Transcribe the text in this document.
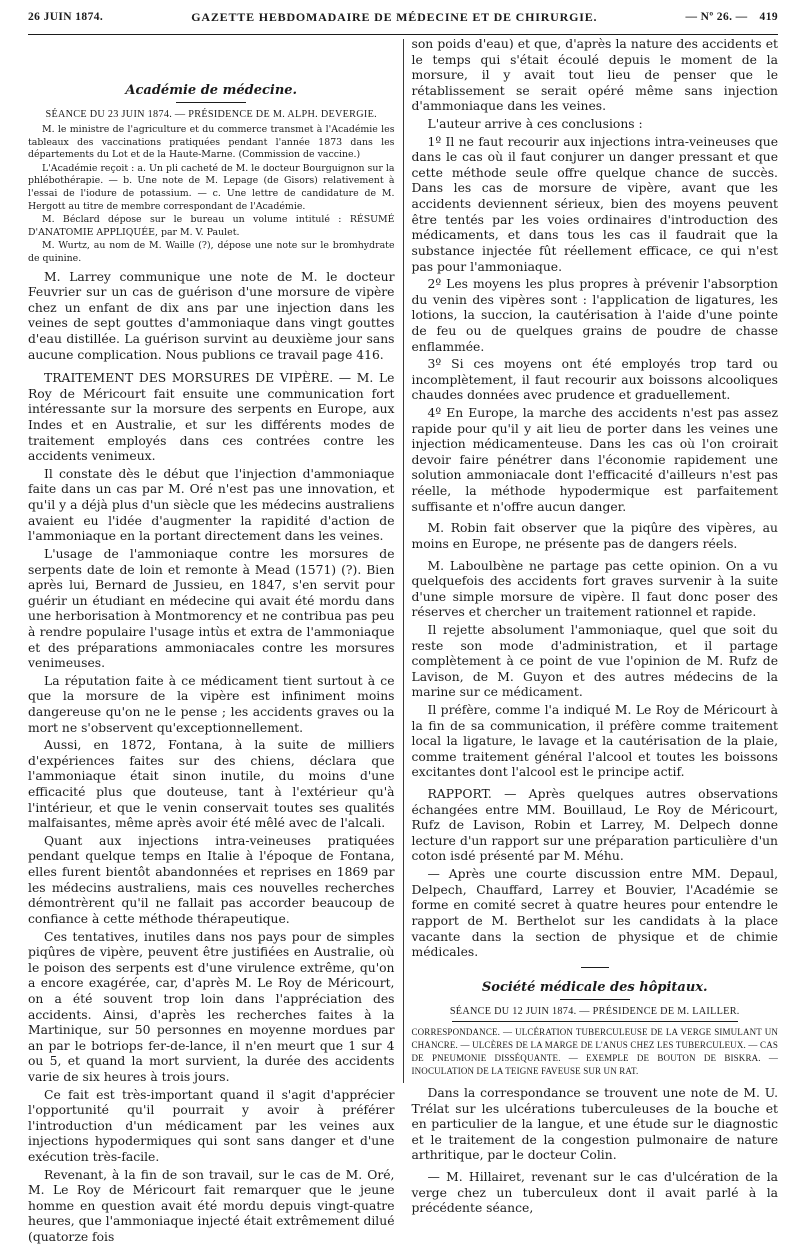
26 JUIN 1874.	GAZETTE HEBDOMADAIRE DE MÉDECINE ET DE CHIRURGIE.	— Nº 26. — 419
Académie de médecine.
SÉANCE DU 23 JUIN 1874. — PRÉSIDENCE DE M. ALPH. DEVERGIE.

M. le ministre de l'agriculture et du commerce transmet à l'Académie les tableaux des vaccinations pratiquées pendant l'année 1873 dans les départements du Lot et de la Haute-Marne. (Commission de vaccine.)

L'Académie reçoit : a. Un pli cacheté de M. le docteur Bourguignon sur la phlébothérapie. — b. Une note de M. Lepage (de Gisors) relativement à l'essai de l'iodure de potassium. — c. Une lettre de candidature de M. Hergott au titre de membre correspondant de l'Académie.

M. Béclard dépose sur le bureau un volume intitulé : RÉSUMÉ D'ANATOMIE APPLIQUÉE, par M. V. Paulet.

M. Wurtz, au nom de M. Waille (?), dépose une note sur le bromhydrate de quinine.

M. Larrey communique une note de M. le docteur Feuvrier sur un cas de guérison d'une morsure de vipère chez un enfant de dix ans par une injection dans les veines de sept gouttes d'ammoniaque dans vingt gouttes d'eau distillée. La guérison survint au deuxième jour sans aucune complication. Nous publions ce travail page 416.

TRAITEMENT DES MORSURES DE VIPÈRE. — M. Le Roy de Méricourt fait ensuite une communication fort intéressante sur la morsure des serpents en Europe, aux Indes et en Australie, et sur les différents modes de traitement employés dans ces contrées contre les accidents venimeux.

Il constate dès le début que l'injection d'ammoniaque faite dans un cas par M. Oré n'est pas une innovation, et qu'il y a déjà plus d'un siècle que les médecins australiens avaient eu l'idée d'augmenter la rapidité d'action de l'ammoniaque en la portant directement dans les veines.

L'usage de l'ammoniaque contre les morsures de serpents date de loin et remonte à Mead (1571) (?). Bien après lui, Bernard de Jussieu, en 1847, s'en servit pour guérir un étudiant en médecine qui avait été mordu dans une herborisation à Montmorency et ne contribua pas peu à rendre populaire l'usage intùs et extra de l'ammoniaque et des préparations ammoniacales contre les morsures venimeuses.

La réputation faite à ce médicament tient surtout à ce que la morsure de la vipère est infiniment moins dangereuse qu'on ne le pense ; les accidents graves ou la mort ne s'observent qu'exceptionnellement.

Aussi, en 1872, Fontana, à la suite de milliers d'expériences faites sur des chiens, déclara que l'ammoniaque était sinon inutile, du moins d'une efficacité plus que douteuse, tant à l'extérieur qu'à l'intérieur, et que le venin conservait toutes ses qualités malfaisantes, même après avoir été mêlé avec de l'alcali.

Quant aux injections intra-veineuses pratiquées pendant quelque temps en Italie à l'époque de Fontana, elles furent bientôt abandonnées et reprises en 1869 par les médecins australiens, mais ces nouvelles recherches démontrèrent qu'il ne fallait pas accorder beaucoup de confiance à cette méthode thérapeutique.

Ces tentatives, inutiles dans nos pays pour de simples piqûres de vipère, peuvent être justifiées en Australie, où le poison des serpents est d'une virulence extrême, qu'on a encore exagérée, car, d'après M. Le Roy de Méricourt, on a été souvent trop loin dans l'appréciation des accidents. Ainsi, d'après les recherches faites à la Martinique, sur 50 personnes en moyenne mordues par an par le botriops fer-de-lance, il n'en meurt que 1 sur 4 ou 5, et quand la mort survient, la durée des accidents varie de six heures à trois jours.

Ce fait est très-important quand il s'agit d'apprécier l'opportunité qu'il pourrait y avoir à préférer l'introduction d'un médicament par les veines aux injections hypodermiques qui sont sans danger et d'une exécution très-facile.

Revenant, à la fin de son travail, sur le cas de M. Oré, M. Le Roy de Méricourt fait remarquer que le jeune homme en question avait été mordu depuis vingt-quatre heures, que l'ammoniaque injecté était extrêmement dilué (quatorze fois

son poids d'eau) et que, d'après la nature des accidents et le temps qui s'était écoulé depuis le moment de la morsure, il y avait tout lieu de penser que le rétablissement se serait opéré même sans injection d'ammoniaque dans les veines.

L'auteur arrive à ces conclusions :

1º Il ne faut recourir aux injections intra-veineuses que dans le cas où il faut conjurer un danger pressant et que cette méthode seule offre quelque chance de succès. Dans les cas de morsure de vipère, avant que les accidents deviennent sérieux, bien des moyens peuvent être tentés par les voies ordinaires d'introduction des médicaments, et dans tous les cas il faudrait que la substance injectée fût réellement efficace, ce qui n'est pas pour l'ammoniaque.

2º Les moyens les plus propres à prévenir l'absorption du venin des vipères sont : l'application de ligatures, les lotions, la succion, la cautérisation à l'aide d'une pointe de feu ou de quelques grains de poudre de chasse enflammée.

3º Si ces moyens ont été employés trop tard ou incomplètement, il faut recourir aux boissons alcooliques chaudes données avec prudence et graduellement.

4º En Europe, la marche des accidents n'est pas assez rapide pour qu'il y ait lieu de porter dans les veines une injection médicamenteuse. Dans les cas où l'on croirait devoir faire pénétrer dans l'économie rapidement une solution ammoniacale dont l'efficacité d'ailleurs n'est pas réelle, la méthode hypodermique est parfaitement suffisante et n'offre aucun danger.

M. Robin fait observer que la piqûre des vipères, au moins en Europe, ne présente pas de dangers réels.

M. Laboulbène ne partage pas cette opinion. On a vu quelquefois des accidents fort graves survenir à la suite d'une simple morsure de vipère. Il faut donc poser des réserves et chercher un traitement rationnel et rapide.

Il rejette absolument l'ammoniaque, quel que soit du reste son mode d'administration, et il partage complètement à ce point de vue l'opinion de M. Rufz de Lavison, de M. Guyon et des autres médecins de la marine sur ce médicament.

Il préfère, comme l'a indiqué M. Le Roy de Méricourt à la fin de sa communication, il préfère comme traitement local la ligature, le lavage et la cautérisation de la plaie, comme traitement général l'alcool et toutes les boissons excitantes dont l'alcool est le principe actif.

RAPPORT. — Après quelques autres observations échangées entre MM. Bouillaud, Le Roy de Méricourt, Rufz de Lavison, Robin et Larrey, M. Delpech donne lecture d'un rapport sur une préparation particulière d'un coton isdé présenté par M. Méhu.

— Après une courte discussion entre MM. Depaul, Delpech, Chauffard, Larrey et Bouvier, l'Académie se forme en comité secret à quatre heures pour entendre le rapport de M. Berthelot sur les candidats à la place vacante dans la section de physique et de chimie médicales.

Société médicale des hôpitaux.
SÉANCE DU 12 JUIN 1874. — PRÉSIDENCE DE M. LAILLER.
CORRESPONDANCE. — ULCÉRATION TUBERCULEUSE DE LA VERGE SIMULANT UN CHANCRE. — ULCÈRES DE LA MARGE DE L'ANUS CHEZ LES TUBERCULEUX. — CAS DE PNEUMONIE DISSÉQUANTE. — EXEMPLE DE BOUTON DE BISKRA. — INOCULATION DE LA TEIGNE FAVEUSE SUR UN RAT.

Dans la correspondance se trouvent une note de M. U. Trélat sur les ulcérations tuberculeuses de la bouche et en particulier de la langue, et une étude sur le diagnostic et le traitement de la congestion pulmonaire de nature arthritique, par le docteur Colin.

— M. Hillairet, revenant sur le cas d'ulcération de la verge chez un tuberculeux dont il avait parlé à la précédente séance,
